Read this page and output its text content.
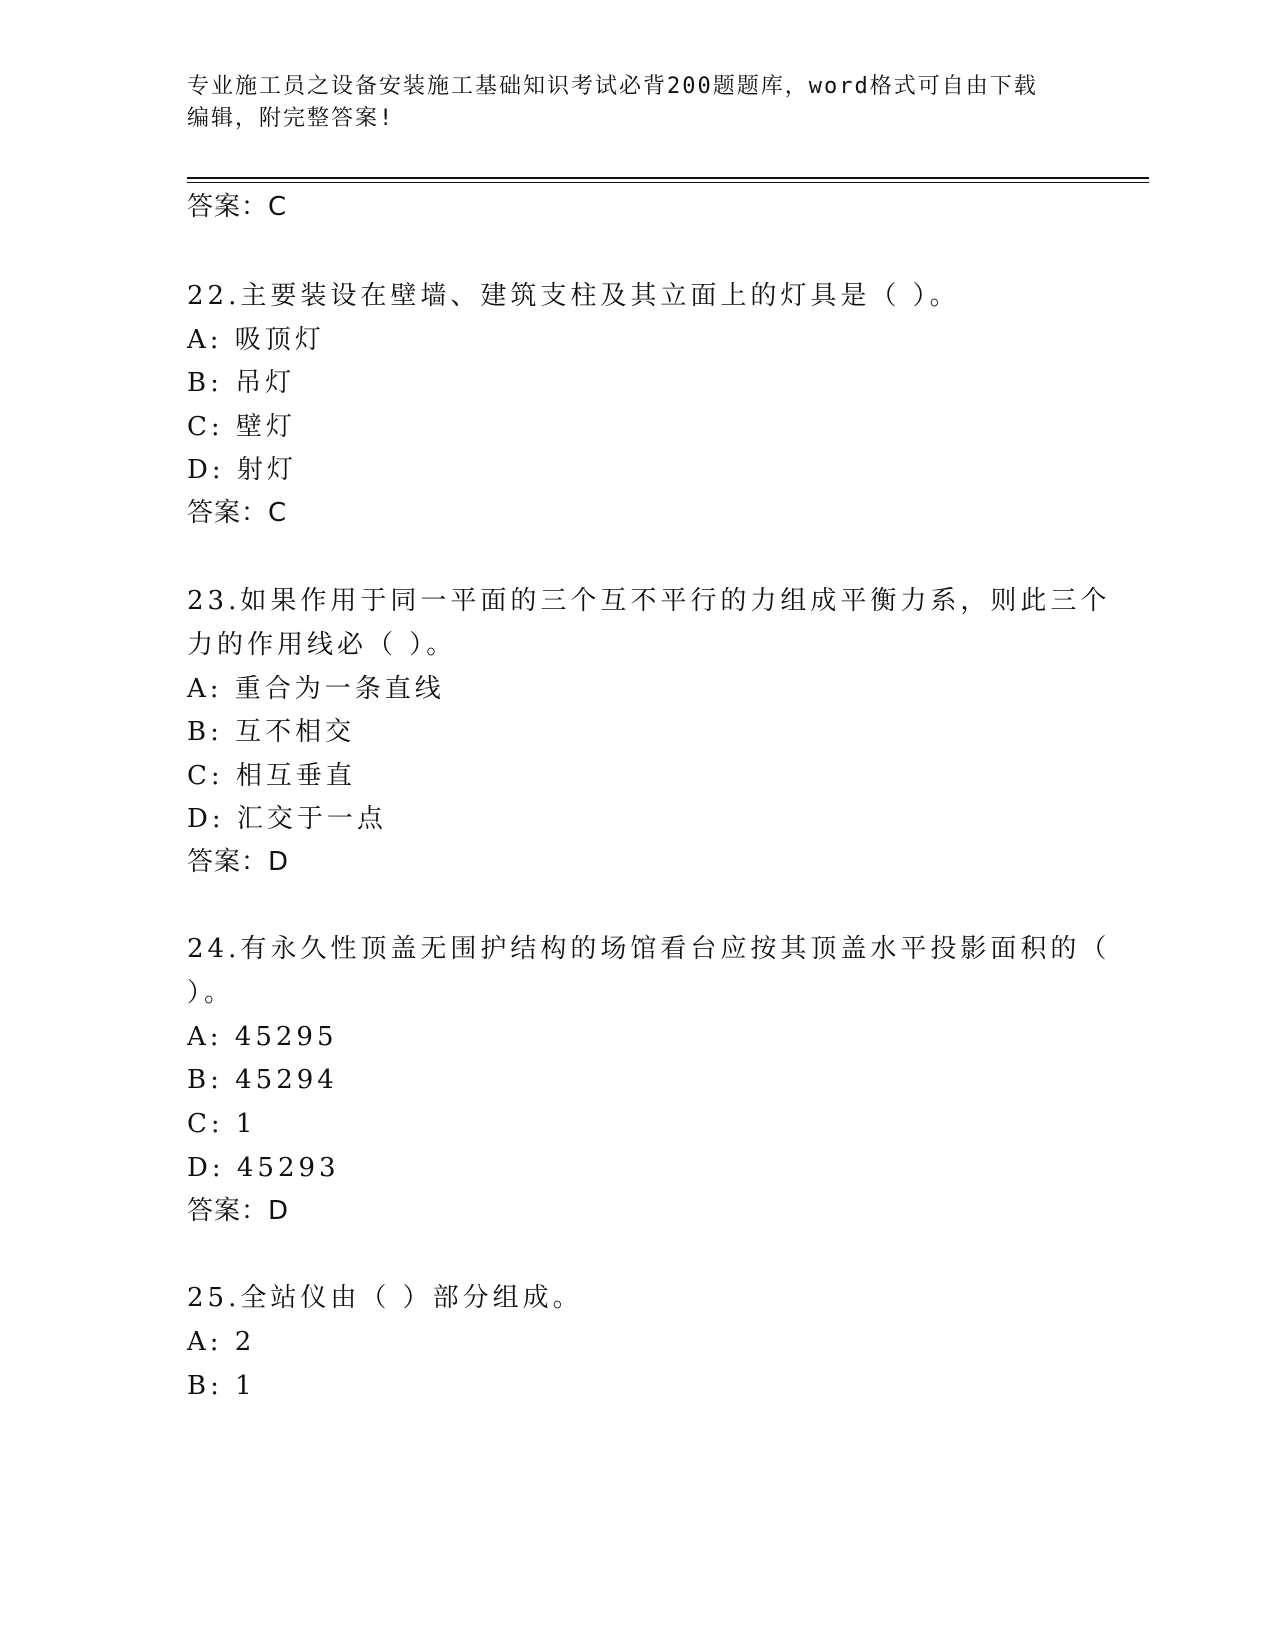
专业施工员之设备安装施工基础知识考试必背200题题库，word格式可自由下载
编辑，附完整答案!
答案：C
22.主要装设在壁墙、建筑支柱及其立面上的灯具是（ ）。
A: 吸顶灯
B: 吊灯
C: 壁灯
D: 射灯
答案：C
23.如果作用于同一平面的三个互不平行的力组成平衡力系，则此三个
力的作用线必（ ）。
A: 重合为一条直线
B: 互不相交
C: 相互垂直
D: 汇交于一点
答案：D
24.有永久性顶盖无围护结构的场馆看台应按其顶盖水平投影面积的（
）。
A: 45295
B: 45294
C: 1
D: 45293
答案：D
25.全站仪由（ ）部分组成。
A: 2
B: 1
